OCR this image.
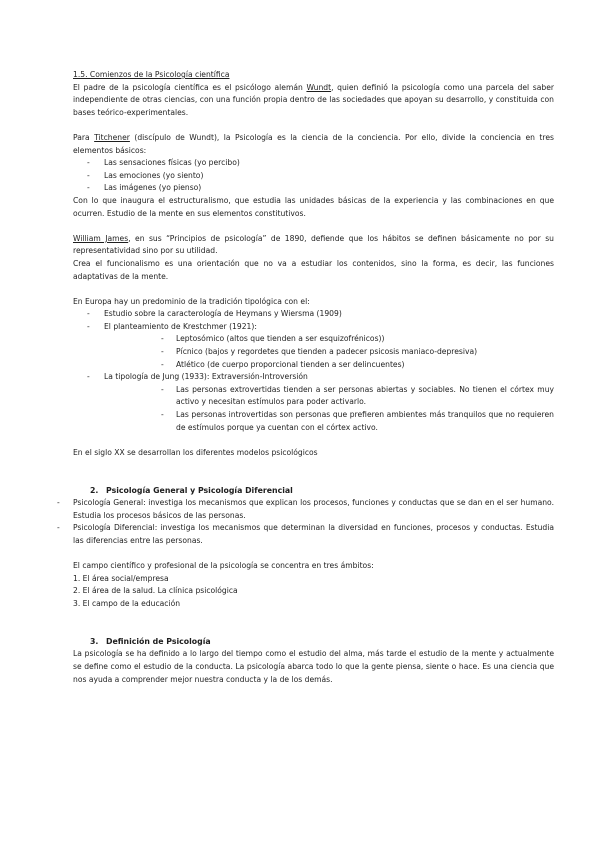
1.5. Comienzos de la Psicología científica

El padre de la psicología científica es el psicólogo alemán Wundt, quien definió la psicología como una parcela del saber independiente de otras ciencias, con una función propia dentro de las sociedades que apoyan su desarrollo, y constituida con bases teórico-experimentales.

Para Titchener (discípulo de Wundt), la Psicología es la ciencia de la conciencia. Por ello, divide la conciencia en tres elementos básicos:

- Las sensaciones físicas (yo percibo)
- Las emociones (yo siento)
- Las imágenes (yo pienso)

Con lo que inaugura el estructuralismo, que estudia las unidades básicas de la experiencia y las combinaciones en que ocurren. Estudio de la mente en sus elementos constitutivos.

William James, en sus “Principios de psicología” de 1890, defiende que los hábitos se definen básicamente no por su representatividad sino por su utilidad.

Crea el funcionalismo es una orientación que no va a estudiar los contenidos, sino la forma, es decir, las funciones adaptativas de la mente.

En Europa hay un predominio de la tradición tipológica con el:

- Estudio sobre la caracterología de Heymans y Wiersma (1909)
- El planteamiento de Krestchmer (1921):
- Leptosómico (altos que tienden a ser esquizofrénicos))
- Pícnico (bajos y regordetes que tienden a padecer psicosis maniaco-depresiva)
- Atlético (de cuerpo proporcional tienden a ser delincuentes)
- La tipología de Jung (1933): Extraversión-Introversión
- Las personas extrovertidas tienden a ser personas abiertas y sociables. No tienen el córtex muy activo y necesitan estímulos para poder activarlo.
- Las personas introvertidas son personas que prefieren ambientes más tranquilos que no requieren de estímulos porque ya cuentan con el córtex activo.

En el siglo XX se desarrollan los diferentes modelos psicológicos

2. Psicología General y Psicología Diferencial
- Psicología General: investiga los mecanismos que explican los procesos, funciones y conductas que se dan en el ser humano. Estudia los procesos básicos de las personas.

- Psicología Diferencial: investiga los mecanismos que determinan la diversidad en funciones, procesos y conductas. Estudia las diferencias entre las personas.

El campo científico y profesional de la psicología se concentra en tres ámbitos:

1. El área social/empresa

2. El área de la salud. La clínica psicológica

3. El campo de la educación

3. Definición de Psicología

La psicología se ha definido a lo largo del tiempo como el estudio del alma, más tarde el estudio de la mente y actualmente se define como el estudio de la conducta. La psicología abarca todo lo que la gente piensa, siente o hace. Es una ciencia que nos ayuda a comprender mejor nuestra conducta y la de los demás.
